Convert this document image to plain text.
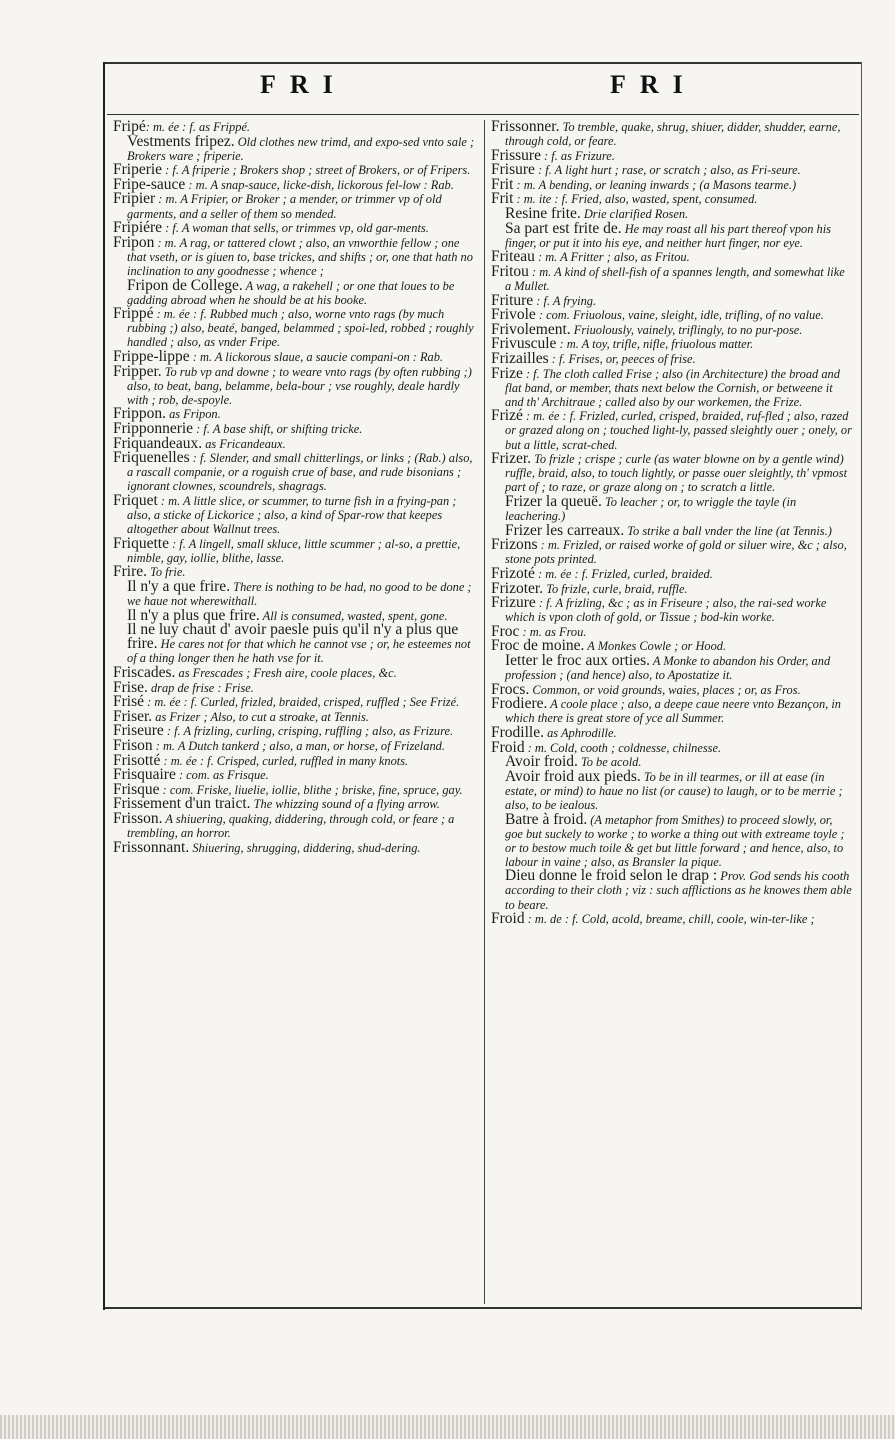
FRI	FRI
Fripé: m. ée : f. as Frippé.
Vestments fripez. Old clothes new trimd, and expo-sed vnto sale ; Brokers ware ; friperie.
Friperie : f. A friperie ; Brokers shop ; street of Brokers, or of Fripers.
Fripe-sauce : m. A snap-sauce, licke-dish, lickorous fel-low : Rab.
Fripier : m. A Fripier, or Broker ; a mender, or trimmer vp of old garments, and a seller of them so mended.
Fripiére : f. A woman that sells, or trimmes vp, old gar-ments.
Fripon : m. A rag, or tattered clowt ; also, an vnworthie fellow ; one that vseth, or is giuen to, base trickes, and shifts ; or, one that hath no inclination to any goodnesse ; whence ;
Fripon de College. A wag, a rakehell ; or one that loues to be gadding abroad when he should be at his booke.
Frippé : m. ée : f. Rubbed much ; also, worne vnto rags (by much rubbing ;) also, beaté, banged, belammed ; spoi-led, robbed ; roughly handled ; also, as vnder Fripe.
Frippe-lippe : m. A lickorous slaue, a saucie compani-on : Rab.
Fripper. To rub vp and downe ; to weare vnto rags (by often rubbing ;) also, to beat, bang, belamme, bela-bour ; vse roughly, deale hardly with ; rob, de-spoyle.
Frippon. as Fripon.
Fripponnerie : f. A base shift, or shifting tricke.
Friquandeaux. as Fricandeaux.
Friquenelles : f. Slender, and small chitterlings, or links ; (Rab.) also, a rascall companie, or a roguish crue of base, and rude bisonians ; ignorant clownes, scoundrels, shagrags.
Friquet : m. A little slice, or scummer, to turne fish in a frying-pan ; also, a sticke of Lickorice ; also, a kind of Spar-row that keepes altogether about Wallnut trees.
Friquette : f. A lingell, small skluce, little scummer ; al-so, a prettie, nimble, gay, iollie, blithe, lasse.
Frire. To frie.
Il n'y a que frire. There is nothing to be had, no good to be done ; we haue not wherewithall.
Il n'y a plus que frire. All is consumed, wasted, spent, gone.
Il ne luy chaut d' avoir paesle puis qu'il n'y a plus que frire. He cares not for that which he cannot vse ; or, he esteemes not of a thing longer then he hath vse for it.
Friscades. as Frescades ; Fresh aire, coole places, &c.
Frise. drap de frise : Frise.
Frisé : m. ée : f. Curled, frizled, braided, crisped, ruffled ; See Frizé.
Friser. as Frizer ; Also, to cut a stroake, at Tennis.
Friseure : f. A frizling, curling, crisping, ruffling ; also, as Frizure.
Frison : m. A Dutch tankerd ; also, a man, or horse, of Frizeland.
Frisotté : m. ée : f. Crisped, curled, ruffled in many knots.
Frisquaire : com. as Frisque.
Frisque : com. Friske, liuelie, iollie, blithe ; briske, fine, spruce, gay.
Frissement d'un traict. The whizzing sound of a flying arrow.
Frisson. A shiuering, quaking, diddering, through cold, or feare ; a trembling, an horror.
Frissonnant. Shiuering, shrugging, diddering, shud-dering.
Frissonner. To tremble, quake, shrug, shiuer, didder, shudder, earne, through cold, or feare.
Frissure : f. as Frizure.
Frisure : f. A light hurt ; rase, or scratch ; also, as Fri-seure.
Frit : m. A bending, or leaning inwards ; (a Masons tearme.)
Frit : m. ite : f. Fried, also, wasted, spent, consumed.
Resine frite. Drie clarified Rosen.
Sa part est frite de. He may roast all his part thereof vpon his finger, or put it into his eye, and neither hurt finger, nor eye.
Friteau : m. A Fritter ; also, as Fritou.
Fritou : m. A kind of shell-fish of a spannes length, and somewhat like a Mullet.
Friture : f. A frying.
Frivole : com. Friuolous, vaine, sleight, idle, trifling, of no value.
Frivolement. Friuolously, vainely, triflingly, to no pur-pose.
Frivuscule : m. A toy, trifle, nifle, friuolous matter.
Frizailles : f. Frises, or, peeces of frise.
Frize : f. The cloth called Frise ; also (in Architecture) the broad and flat band, or member, thats next below the Cornish, or betweene it and th' Architraue ; called also by our workemen, the Frize.
Frizé : m. ée : f. Frizled, curled, crisped, braided, ruf-fled ; also, razed or grazed along on ; touched light-ly, passed sleightly ouer ; onely, or but a little, scrat-ched.
Frizer. To frizle ; crispe ; curle (as water blowne on by a gentle wind) ruffle, braid, also, to touch lightly, or passe ouer sleightly, th' vpmost part of ; to raze, or graze along on ; to scratch a little.
Frizer la queuë. To leacher ; or, to wriggle the tayle (in leachering.)
Frizer les carreaux. To strike a ball vnder the line (at Tennis.)
Frizons : m. Frizled, or raised worke of gold or siluer wire, &c ; also, stone pots printed.
Frizoté : m. ée : f. Frizled, curled, braided.
Frizoter. To frizle, curle, braid, ruffle.
Frizure : f. A frizling, &c ; as in Friseure ; also, the rai-sed worke which is vpon cloth of gold, or Tissue ; bod-kin worke.
Froc : m. as Frou.
Froc de moine. A Monkes Cowle ; or Hood.
Ietter le froc aux orties. A Monke to abandon his Order, and profession ; (and hence) also, to Apostatize it.
Frocs. Common, or void grounds, waies, places ; or, as Fros.
Frodiere. A coole place ; also, a deepe caue neere vnto Bezançon, in which there is great store of yce all Summer.
Frodille. as Aphrodille.
Froid : m. Cold, cooth ; coldnesse, chilnesse.
Avoir froid. To be acold.
Avoir froid aux pieds. To be in ill tearmes, or ill at ease (in estate, or mind) to haue no list (or cause) to laugh, or to be merrie ; also, to be iealous.
Batre à froid. (A metaphor from Smithes) to proceed slowly, or, goe but suckely to worke ; to worke a thing out with extreame toyle ; or to bestow much toile & get but little forward ; and hence, also, to labour in vaine ; also, as Bransler la pique.
Dieu donne le froid selon le drap : Prov. God sends his cooth according to their cloth ; viz : such afflictions as he knowes them able to beare.
Froid : m. de : f. Cold, acold, breame, chill, coole, win-ter-like ;
